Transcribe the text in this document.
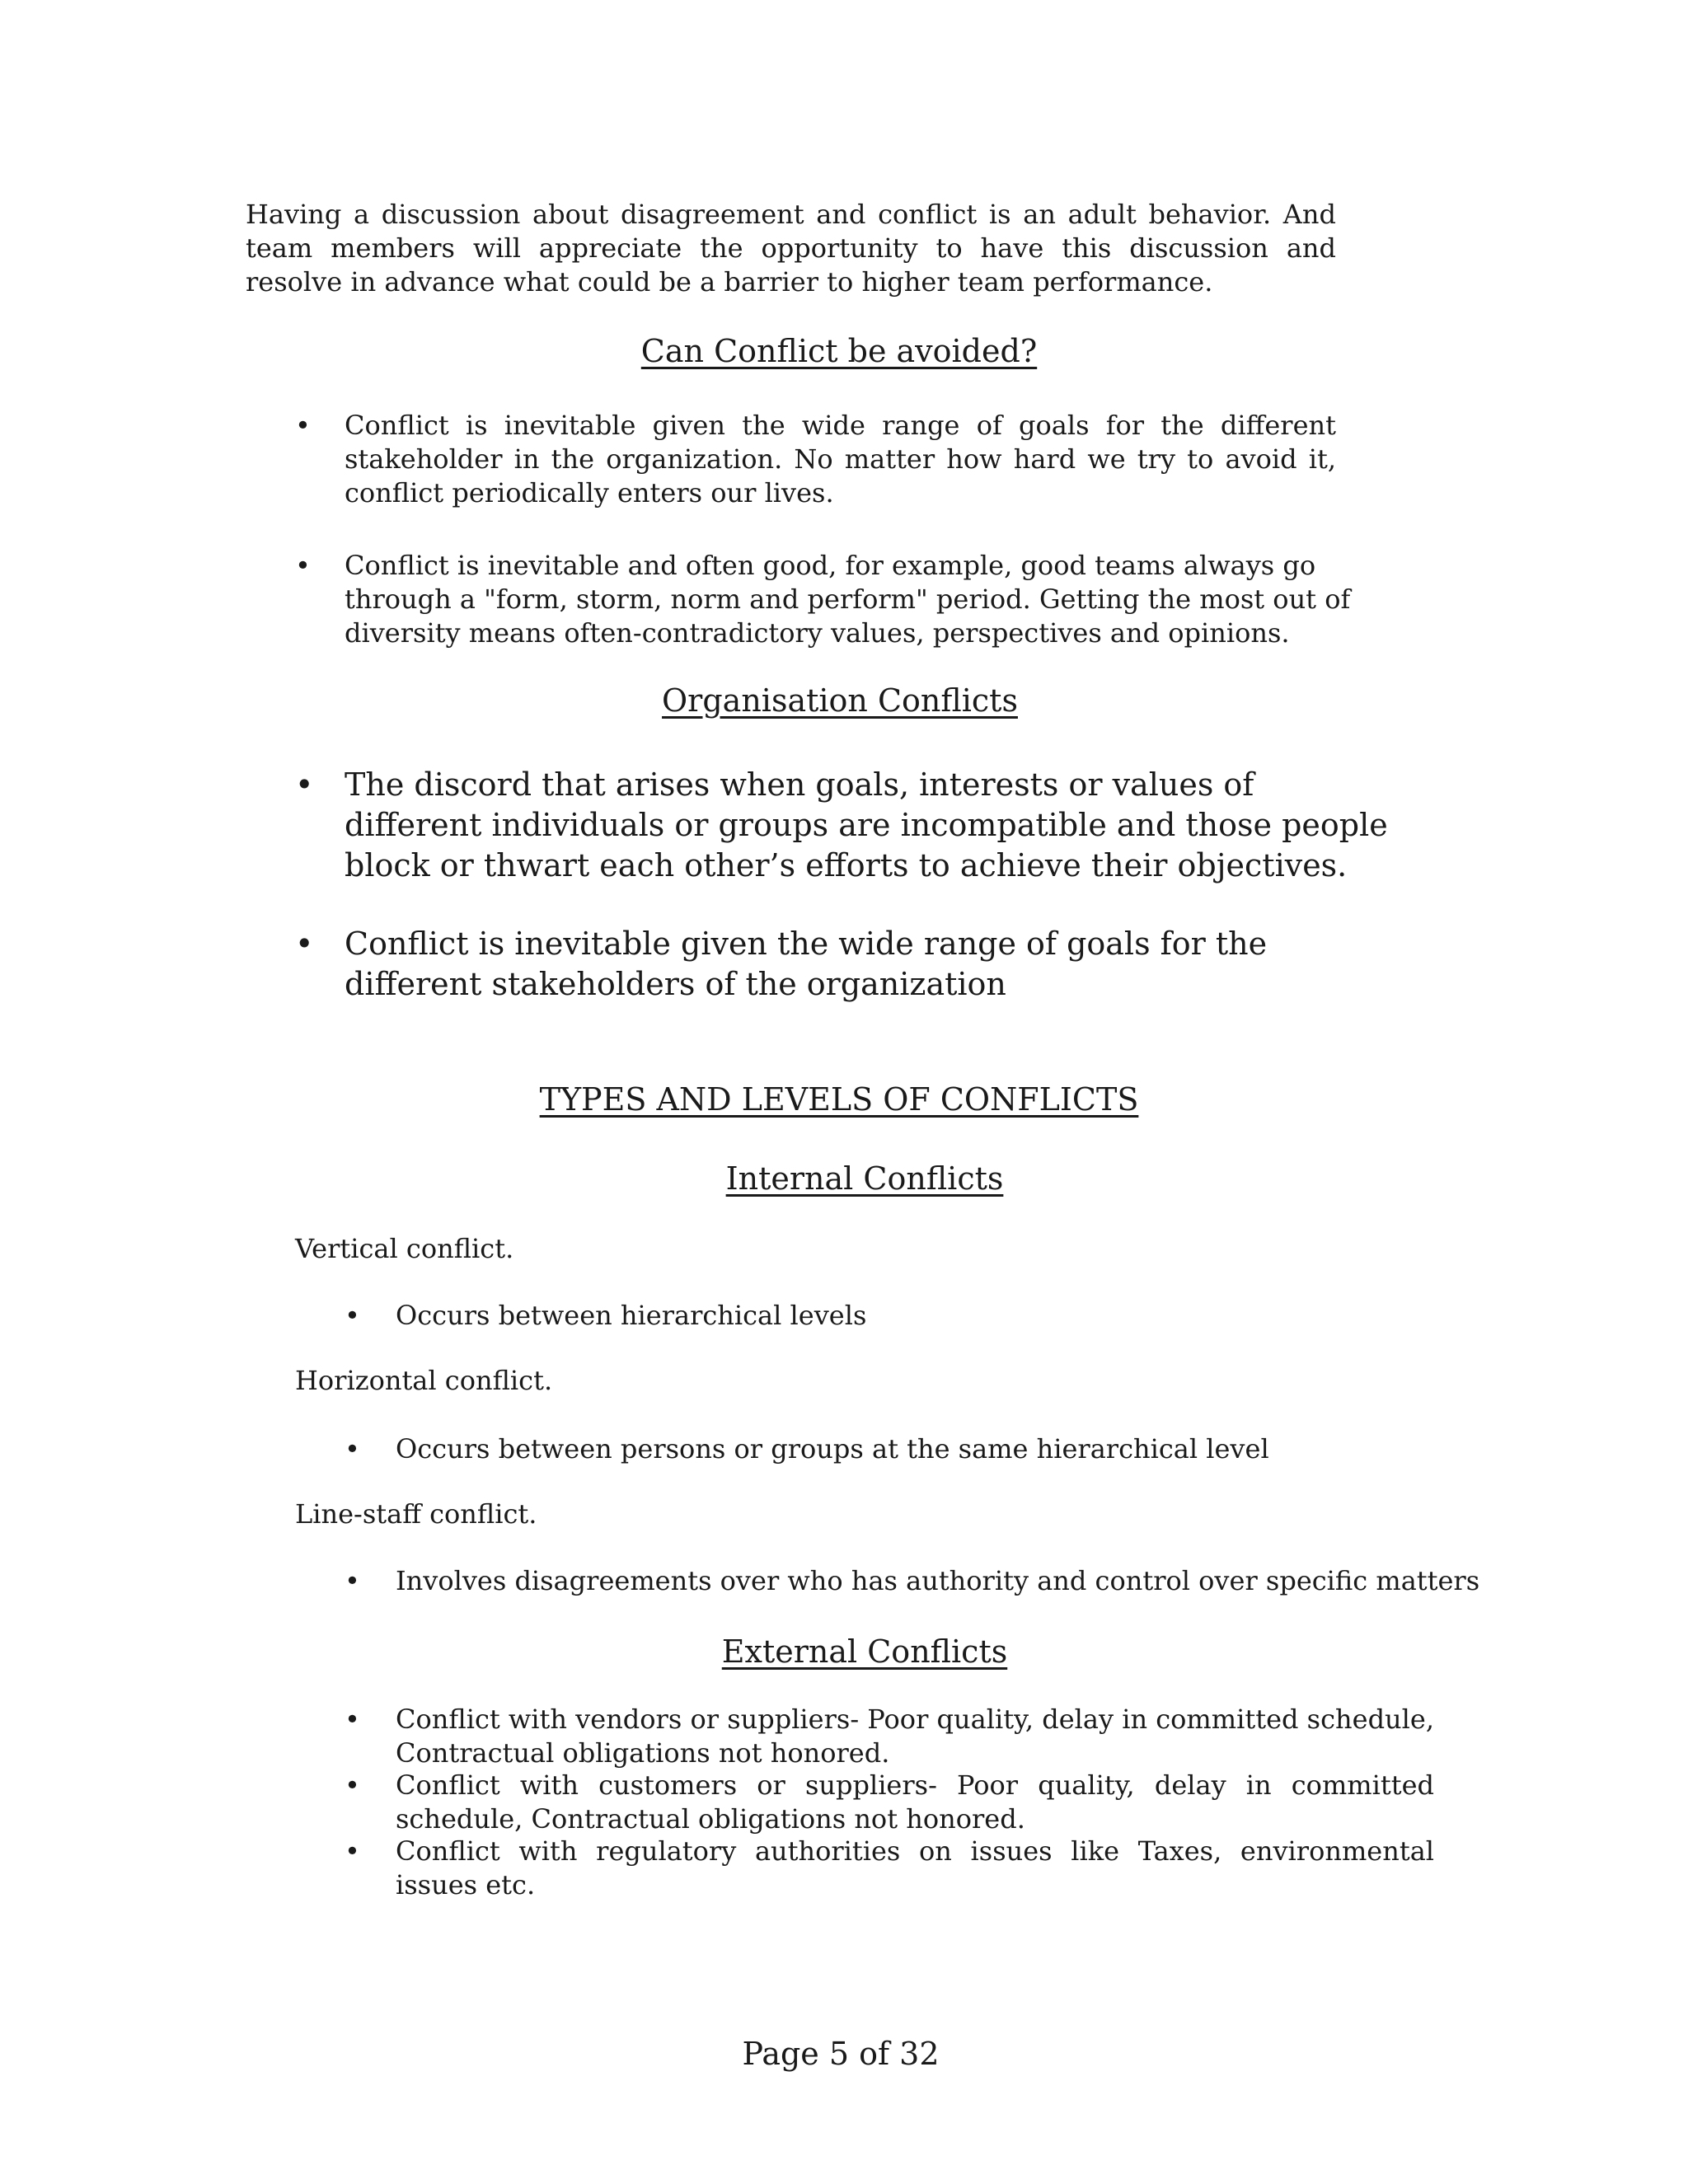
Having a discussion about disagreement and conflict is an adult behavior. And team members will appreciate the opportunity to have this discussion and resolve in advance what could be a barrier to higher team performance.
Can Conflict be avoided?
• Conflict is inevitable given the wide range of goals for the different stakeholder in the organization. No matter how hard we try to avoid it, conflict periodically enters our lives.
• Conflict is inevitable and often good, for example, good teams always go through a "form, storm, norm and perform" period. Getting the most out of diversity means often-contradictory values, perspectives and opinions.
Organisation Conflicts
• The discord that arises when goals, interests or values of different individuals or groups are incompatible and those people block or thwart each other’s efforts to achieve their objectives.
• Conflict is inevitable given the wide range of goals for the different stakeholders of the organization
TYPES AND LEVELS OF CONFLICTS
Internal Conflicts
Vertical conflict.
• Occurs between hierarchical levels
Horizontal conflict.
• Occurs between persons or groups at the same hierarchical level
Line-staff conflict.
• Involves disagreements over who has authority and control over specific matters
External Conflicts
• Conflict with vendors or suppliers- Poor quality, delay in committed schedule, Contractual obligations not honored.
• Conflict with customers or suppliers- Poor quality, delay in committed schedule, Contractual obligations not honored.
• Conflict with regulatory authorities on issues like Taxes, environmental issues etc.
Page 5 of 32
